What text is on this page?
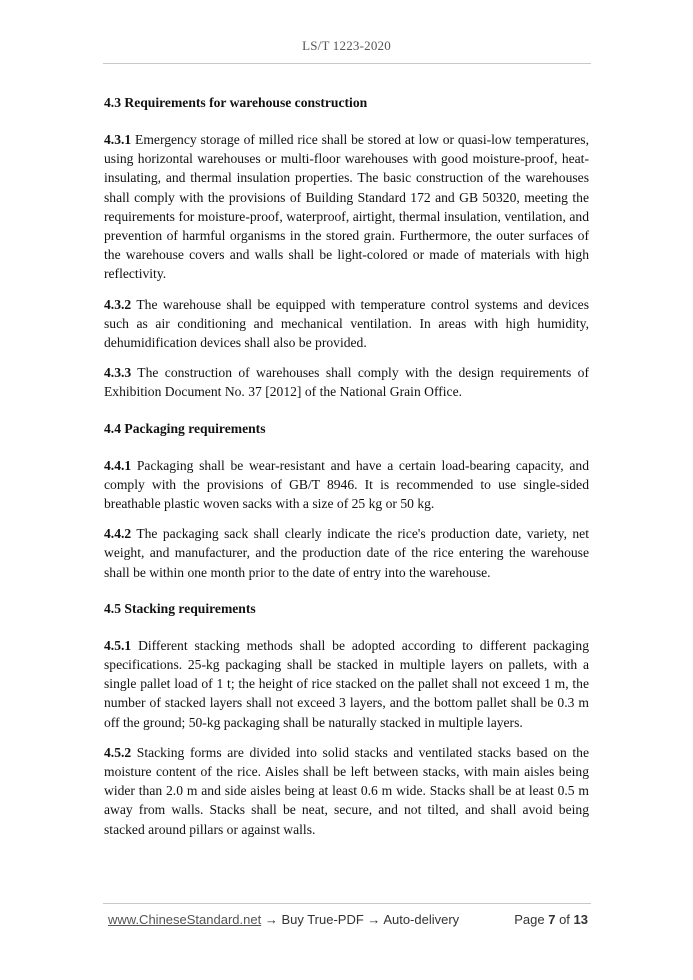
LS/T 1223-2020
4.3 Requirements for warehouse construction

4.3.1 Emergency storage of milled rice shall be stored at low or quasi-low temperatures, using horizontal warehouses or multi-floor warehouses with good moisture-proof, heat-insulating, and thermal insulation properties. The basic construction of the warehouses shall comply with the provisions of Building Standard 172 and GB 50320, meeting the requirements for moisture-proof, waterproof, airtight, thermal insulation, ventilation, and prevention of harmful organisms in the stored grain. Furthermore, the outer surfaces of the warehouse covers and walls shall be light-colored or made of materials with high reflectivity.

4.3.2 The warehouse shall be equipped with temperature control systems and devices such as air conditioning and mechanical ventilation. In areas with high humidity, dehumidification devices shall also be provided.

4.3.3 The construction of warehouses shall comply with the design requirements of Exhibition Document No. 37 [2012] of the National Grain Office.

4.4 Packaging requirements

4.4.1 Packaging shall be wear-resistant and have a certain load-bearing capacity, and comply with the provisions of GB/T 8946. It is recommended to use single-sided breathable plastic woven sacks with a size of 25 kg or 50 kg.

4.4.2 The packaging sack shall clearly indicate the rice's production date, variety, net weight, and manufacturer, and the production date of the rice entering the warehouse shall be within one month prior to the date of entry into the warehouse.

4.5 Stacking requirements

4.5.1 Different stacking methods shall be adopted according to different packaging specifications. 25-kg packaging shall be stacked in multiple layers on pallets, with a single pallet load of 1 t; the height of rice stacked on the pallet shall not exceed 1 m, the number of stacked layers shall not exceed 3 layers, and the bottom pallet shall be 0.3 m off the ground; 50-kg packaging shall be naturally stacked in multiple layers.

4.5.2 Stacking forms are divided into solid stacks and ventilated stacks based on the moisture content of the rice. Aisles shall be left between stacks, with main aisles being wider than 2.0 m and side aisles being at least 0.6 m wide. Stacks shall be at least 0.5 m away from walls. Stacks shall be neat, secure, and not tilted, and shall avoid being stacked around pillars or against walls.

www.ChineseStandard.net → Buy True-PDF → Auto-delivery	Page 7 of 13
